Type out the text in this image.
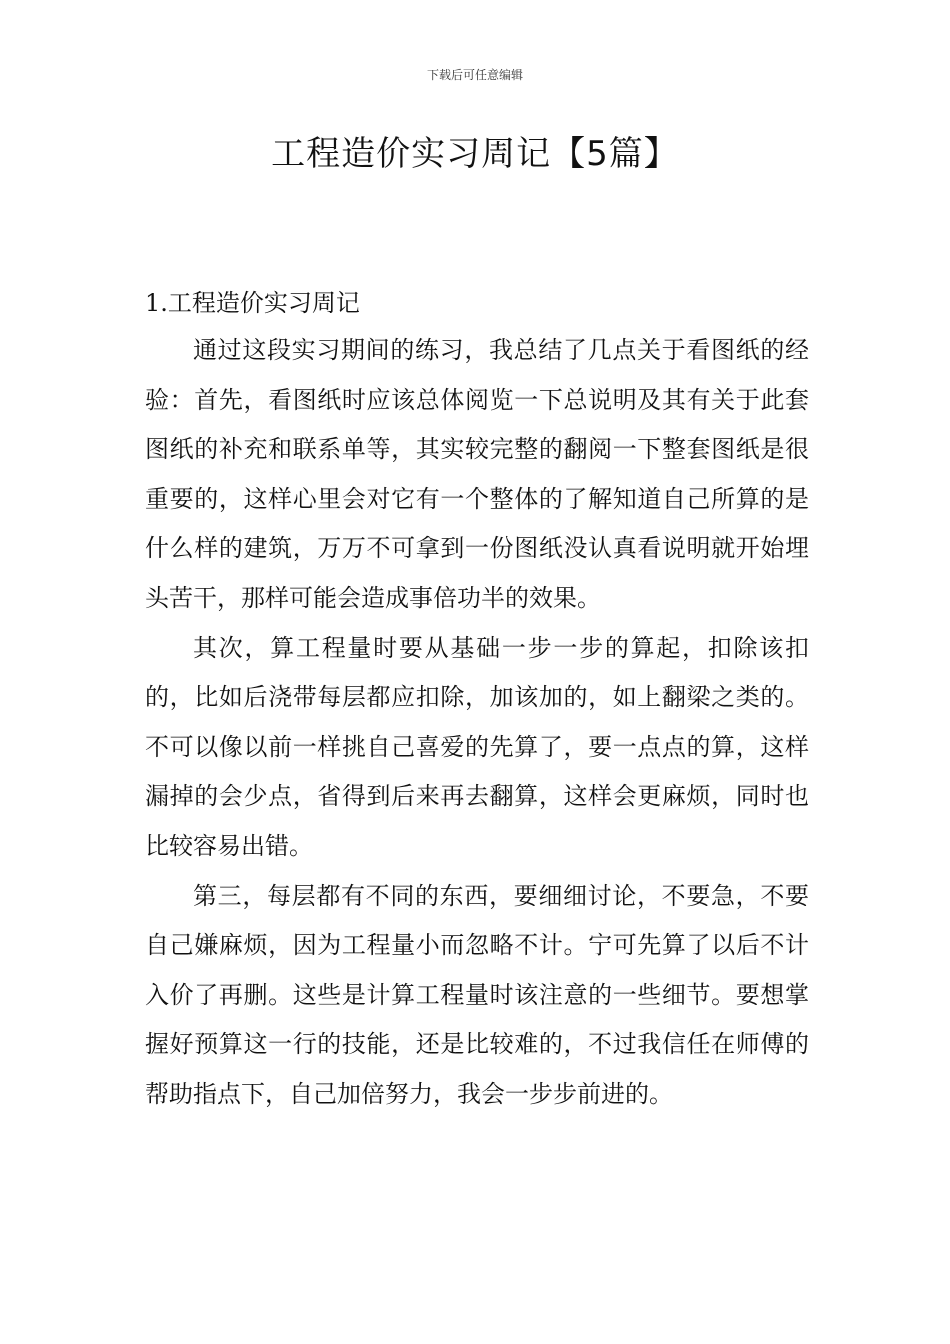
下载后可任意编辑
工程造价实习周记【5篇】
1.工程造价实习周记

通过这段实习期间的练习，我总结了几点关于看图纸的经验：首先，看图纸时应该总体阅览一下总说明及其有关于此套图纸的补充和联系单等，其实较完整的翻阅一下整套图纸是很重要的，这样心里会对它有一个整体的了解知道自己所算的是什么样的建筑，万万不可拿到一份图纸没认真看说明就开始埋头苦干，那样可能会造成事倍功半的效果。

其次，算工程量时要从基础一步一步的算起，扣除该扣的，比如后浇带每层都应扣除，加该加的，如上翻梁之类的。不可以像以前一样挑自己喜爱的先算了，要一点点的算，这样漏掉的会少点，省得到后来再去翻算，这样会更麻烦，同时也比较容易出错。

第三，每层都有不同的东西，要细细讨论，不要急，不要自己嫌麻烦，因为工程量小而忽略不计。宁可先算了以后不计入价了再删。这些是计算工程量时该注意的一些细节。要想掌握好预算这一行的技能，还是比较难的，不过我信任在师傅的帮助指点下，自己加倍努力，我会一步步前进的。
